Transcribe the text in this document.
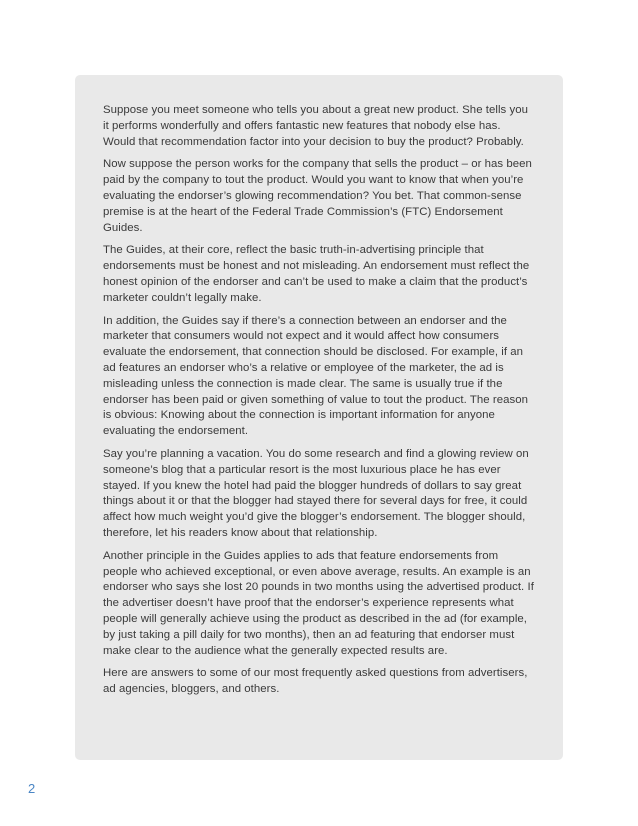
Suppose you meet someone who tells you about a great new product. She tells you it performs wonderfully and offers fantastic new features that nobody else has. Would that recommendation factor into your decision to buy the product? Probably.

Now suppose the person works for the company that sells the product – or has been paid by the company to tout the product. Would you want to know that when you’re evaluating the endorser’s glowing recommendation? You bet. That common-sense premise is at the heart of the Federal Trade Commission’s (FTC) Endorsement Guides.

The Guides, at their core, reflect the basic truth-in-advertising principle that endorsements must be honest and not misleading. An endorsement must reflect the honest opinion of the endorser and can’t be used to make a claim that the product’s marketer couldn’t legally make.

In addition, the Guides say if there’s a connection between an endorser and the marketer that consumers would not expect and it would affect how consumers evaluate the endorsement, that connection should be disclosed. For example, if an ad features an endorser who’s a relative or employee of the marketer, the ad is misleading unless the connection is made clear. The same is usually true if the endorser has been paid or given something of value to tout the product. The reason is obvious: Knowing about the connection is important information for anyone evaluating the endorsement.

Say you’re planning a vacation. You do some research and find a glowing review on someone’s blog that a particular resort is the most luxurious place he has ever stayed. If you knew the hotel had paid the blogger hundreds of dollars to say great things about it or that the blogger had stayed there for several days for free, it could affect how much weight you’d give the blogger’s endorsement. The blogger should, therefore, let his readers know about that relationship.

Another principle in the Guides applies to ads that feature endorsements from people who achieved exceptional, or even above average, results. An example is an endorser who says she lost 20 pounds in two months using the advertised product. If the advertiser doesn’t have proof that the endorser’s experience represents what people will generally achieve using the product as described in the ad (for example, by just taking a pill daily for two months), then an ad featuring that endorser must make clear to the audience what the generally expected results are.

Here are answers to some of our most frequently asked questions from advertisers, ad agencies, bloggers, and others.

2
